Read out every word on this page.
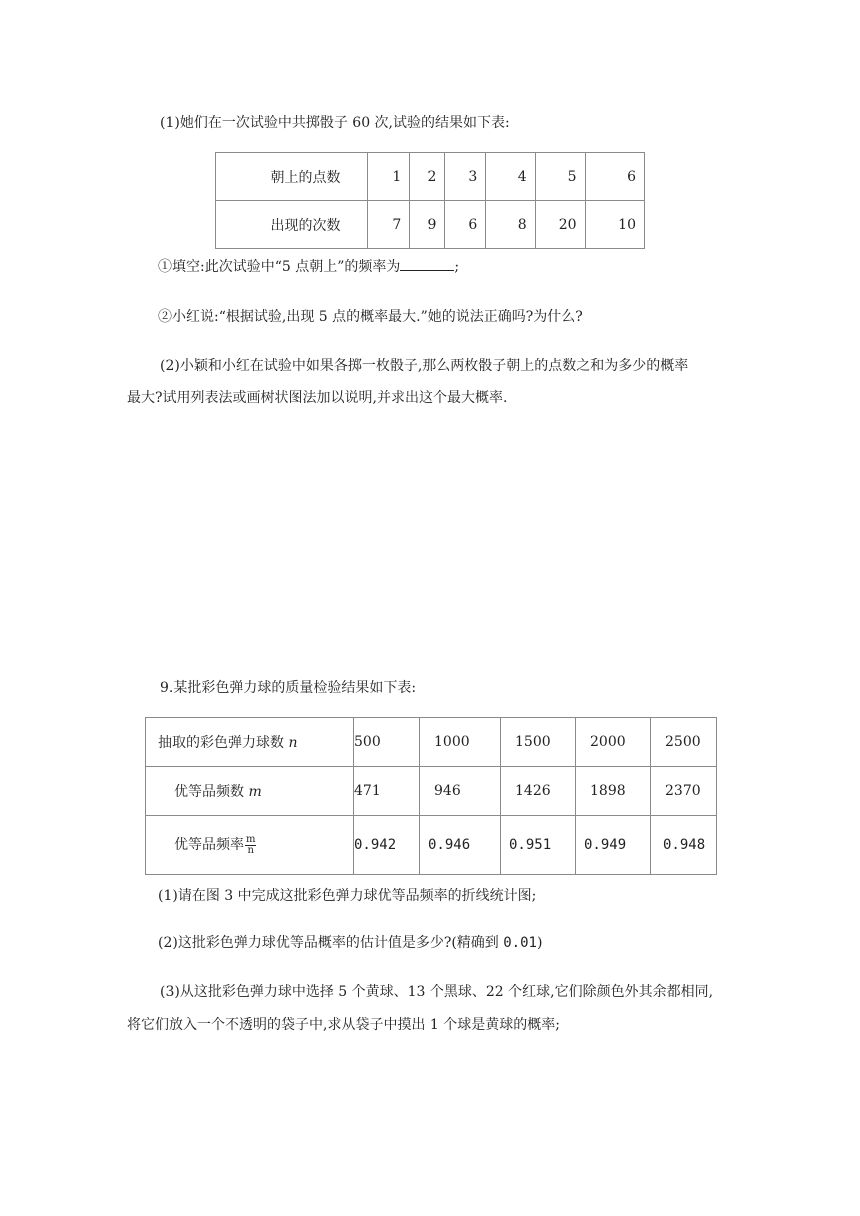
(1)她们在一次试验中共掷骰子 60 次,试验的结果如下表:
朝上的点数	1	2	3	4	5	6
出现的次数	7	9	6	8	20	10
①填空:此次试验中“5 点朝上”的频率为	;
②小红说:“根据试验,出现 5 点的概率最大.”她的说法正确吗?为什么?
(2)小颖和小红在试验中如果各掷一枚骰子,那么两枚骰子朝上的点数之和为多少的概率
最大?试用列表法或画树状图法加以说明,并求出这个最大概率.
9.某批彩色弹力球的质量检验结果如下表:
抽取的彩色弹力球数 n	500	1000	1500	2000	2500
优等品频数 m	471	946	1426	1898	2370
优等品频率 $\frac{m}{n}$	0.942	0.946	0.951	0.949	0.948
(1)请在图 3 中完成这批彩色弹力球优等品频率的折线统计图;
(2)这批彩色弹力球优等品概率的估计值是多少?(精确到 0.01)
(3)从这批彩色弹力球中选择 5 个黄球、13 个黑球、22 个红球,它们除颜色外其余都相同,
将它们放入一个不透明的袋子中,求从袋子中摸出 1 个球是黄球的概率;
